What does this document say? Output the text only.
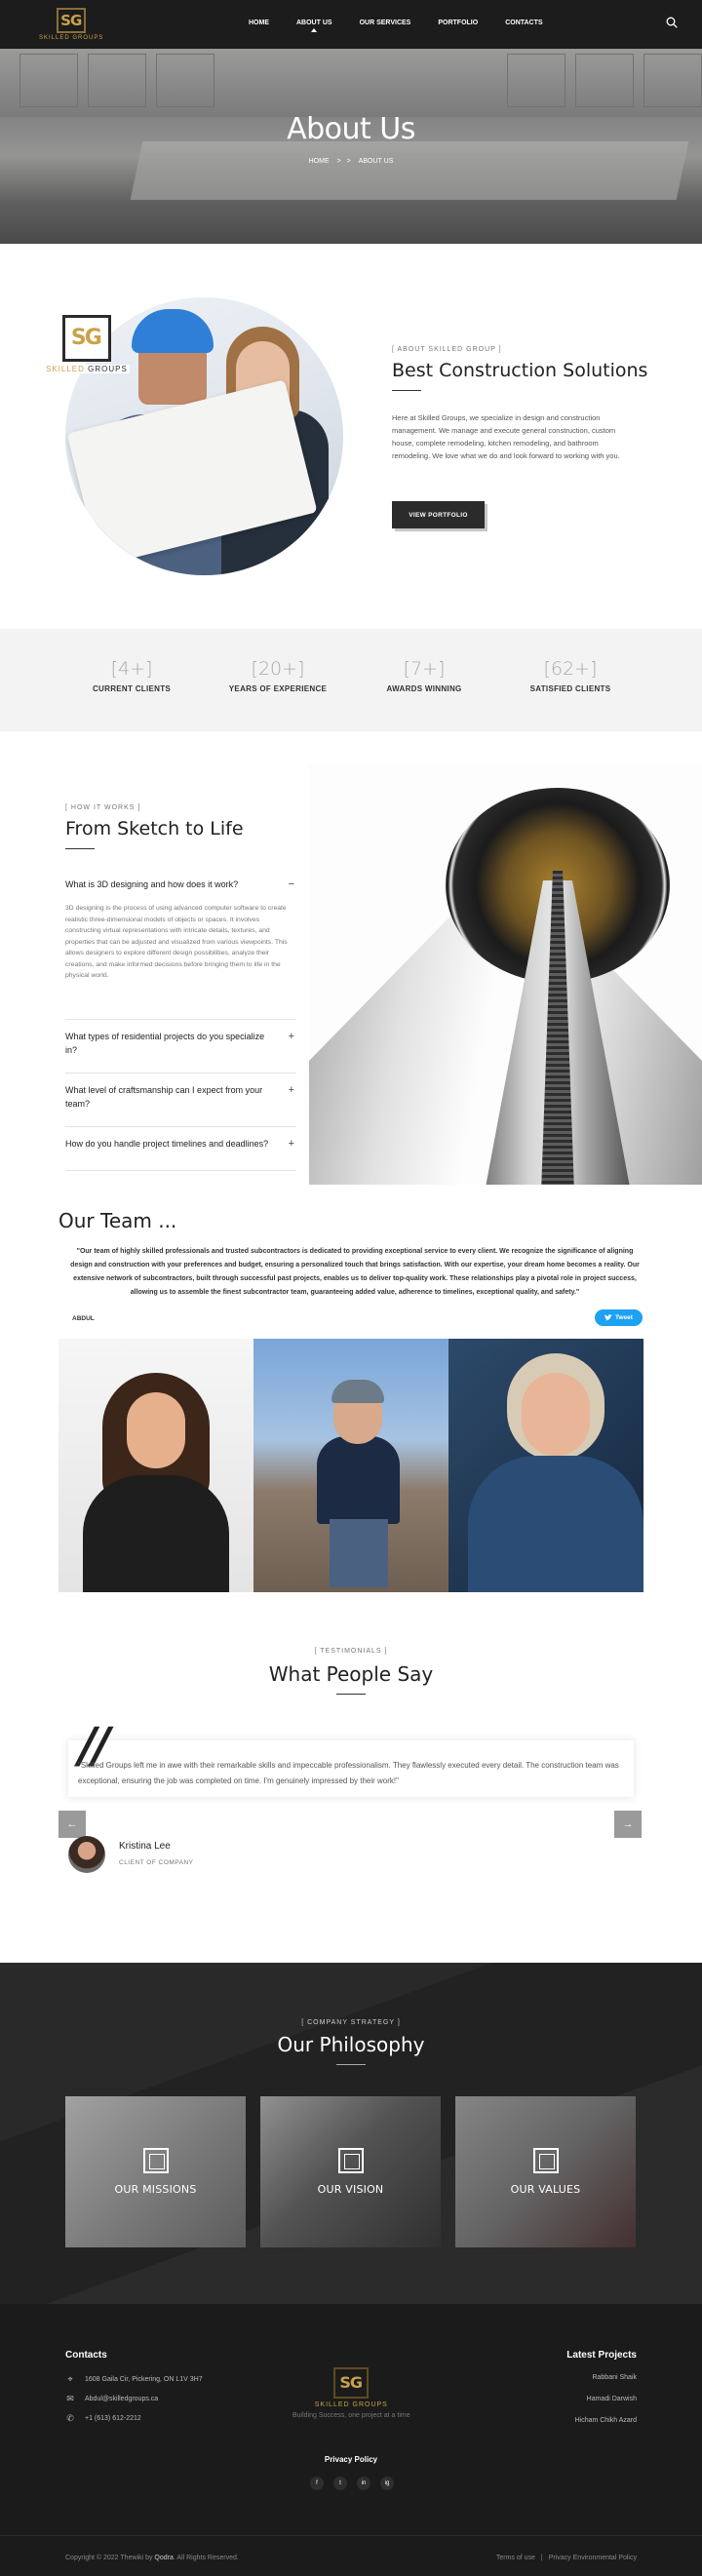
SG
SKILLED GROUPS
HOME	ABOUT US	OUR SERVICES	PORTFOLIO	CONTACTS
About Us
HOME > > ABOUT US
SG
SKILLED GROUPS
[ ABOUT SKILLED GROUP ]
Best Construction Solutions
Here at Skilled Groups, we specialize in design and construction management. We manage and execute general construction, custom house, complete remodeling, kitchen remodeling, and bathroom remodeling. We love what we do and look forward to working with you.
VIEW PORTFOLIO
[4+]
CURRENT CLIENTS
[20+]
YEARS OF EXPERIENCE
[7+]
AWARDS WINNING
[62+]
SATISFIED CLIENTS
[ HOW IT WORKS ]
From Sketch to Life
What is 3D designing and how does it work?	−
3D designing is the process of using advanced computer software to create realistic three-dimensional models of objects or spaces. It involves constructing virtual representations with intricate details, textures, and properties that can be adjusted and visualized from various viewpoints. This allows designers to explore different design possibilities, analyze their creations, and make informed decisions before bringing them to life in the physical world.
What types of residential projects do you specialize in?
+
What level of craftsmanship can I expect from your team?
+
How do you handle project timelines and deadlines? +
Our Team ...
"Our team of highly skilled professionals and trusted subcontractors is dedicated to providing exceptional service to every client. We recognize the significance of aligning design and construction with your preferences and budget, ensuring a personalized touch that brings satisfaction. With our expertise, your dream home becomes a reality. Our extensive network of subcontractors, built through successful past projects, enables us to deliver top-quality work. These relationships play a pivotal role in project success, allowing us to assemble the finest subcontractor team, guaranteeing added value, adherence to timelines, exceptional quality, and safety."
ABDUL	Tweet
[ TESTIMONIALS ]
What People Say
//
"Skilled Groups left me in awe with their remarkable skills and impeccable professionalism. They flawlessly executed every detail. The construction team was exceptional, ensuring the job was completed on time. I'm genuinely impressed by their work!"
←	→
Kristina Lee
CLIENT OF COMPANY
[ COMPANY STRATEGY ]
Our Philosophy
OUR MISSIONS	OUR VISION	OUR VALUES
Contacts
⌖	1608 Gaila Cir, Pickering, ON L1V 3H7
✉ Abdul@skilledgroups.ca
✆ +1 (613) 612-2212
SG
SKILLED GROUPS
Building Success, one project at a time
Latest Projects
Rabbani Shaik
Hamadi Darwish
Hicham Chikh Azard
Privacy Policy
f	t	in	ig
Copyright © 2022 Thewiki by Qodra. All Rights Reserved.	Terms of use | Privacy Environmental Policy
